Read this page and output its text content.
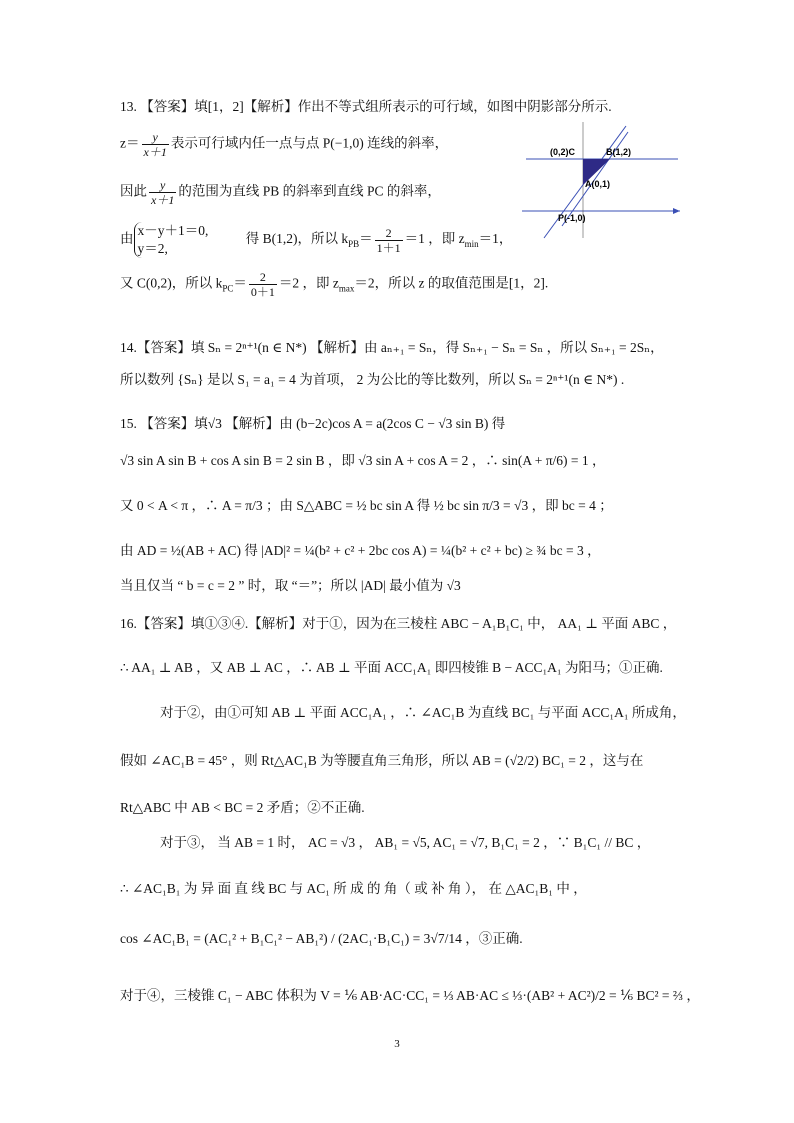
13. 【答案】填[1，2]【解析】作出不等式组所表示的可行域，如图中阴影部分所示.
$z= \frac{y}{x+1}$ 表示可行域内任一点与点 P(−1,0) 连线的斜率，
因此 $\frac{y}{x+1}$ 的范围为直线 PB 的斜率到直线 PC 的斜率，
由
x－y＋1＝0,
y＝2,
得 B(1,2)，所以 $k_{PB}= \frac{2}{1+1} =1$ ，即 $z_{min}=1$，
又 C(0,2)，所以 $k_{PC}= \frac{2}{0+1} =2$ ，即 $z_{max}=2$，所以 z 的取值范围是[1，2].
(0,2)C	B(1,2)
A(0,1)
P(-1,0)
14.【答案】填 Sₙ = 2ⁿ⁺¹(n ∈ N*) 【解析】由 aₙ₊₁ = Sₙ，得 Sₙ₊₁ − Sₙ = Sₙ ，所以 Sₙ₊₁ = 2Sₙ，
所以数列 {Sₙ} 是以 S₁ = a₁ = 4 为首项， 2 为公比的等比数列，所以 Sₙ = 2ⁿ⁺¹(n ∈ N*) .
15. 【答案】填√3 【解析】由 (b−2c)cos A = a(2cos C − √3 sin B) 得
√3 sin A sin B + cos A sin B = 2 sin B ，即 √3 sin A + cos A = 2 ，∴ sin(A + π/6) = 1 ，
又 0 < A < π ，∴ A = π/3 ；由 S△ABC = ½ bc sin A 得 ½ bc sin π/3 = √3 ，即 bc = 4 ；
由 AD = ½(AB + AC) 得 |AD|² = ¼(b² + c² + 2bc cos A) = ¼(b² + c² + bc) ≥ ¾ bc = 3 ，
当且仅当 “ b = c = 2 ” 时，取 “＝”；所以 |AD| 最小值为 √3
16.【答案】填①③④.【解析】对于①，因为在三棱柱 ABC − A₁B₁C₁ 中， AA₁ ⊥ 平面 ABC ，
∴ AA₁ ⊥ AB ，又 AB ⊥ AC ，∴ AB ⊥ 平面 ACC₁A₁ 即四棱锥 B − ACC₁A₁ 为阳马；①正确.
对于②，由①可知 AB ⊥ 平面 ACC₁A₁ ，∴ ∠AC₁B 为直线 BC₁ 与平面 ACC₁A₁ 所成角，
假如 ∠AC₁B = 45° ，则 Rt△AC₁B 为等腰直角三角形，所以 AB = (√2/2) BC₁ = 2 ，这与在
Rt△ABC 中 AB < BC = 2 矛盾；②不正确.
对于③， 当 AB = 1 时， AC = √3 ， AB₁ = √5, AC₁ = √7, B₁C₁ = 2 ，∵ B₁C₁ // BC ，
∴ ∠AC₁B₁ 为 异 面 直 线 BC 与 AC₁ 所 成 的 角（ 或 补 角 ）， 在 △AC₁B₁ 中 ，
cos ∠AC₁B₁ = (AC₁² + B₁C₁² − AB₁²) / (2AC₁·B₁C₁) = 3√7/14 ，③正确.
对于④，三棱锥 C₁ − ABC 体积为 V = ⅙ AB·AC·CC₁ = ⅓ AB·AC ≤ ⅓·(AB² + AC²)/2 = ⅙ BC² = ⅔ ，
3
